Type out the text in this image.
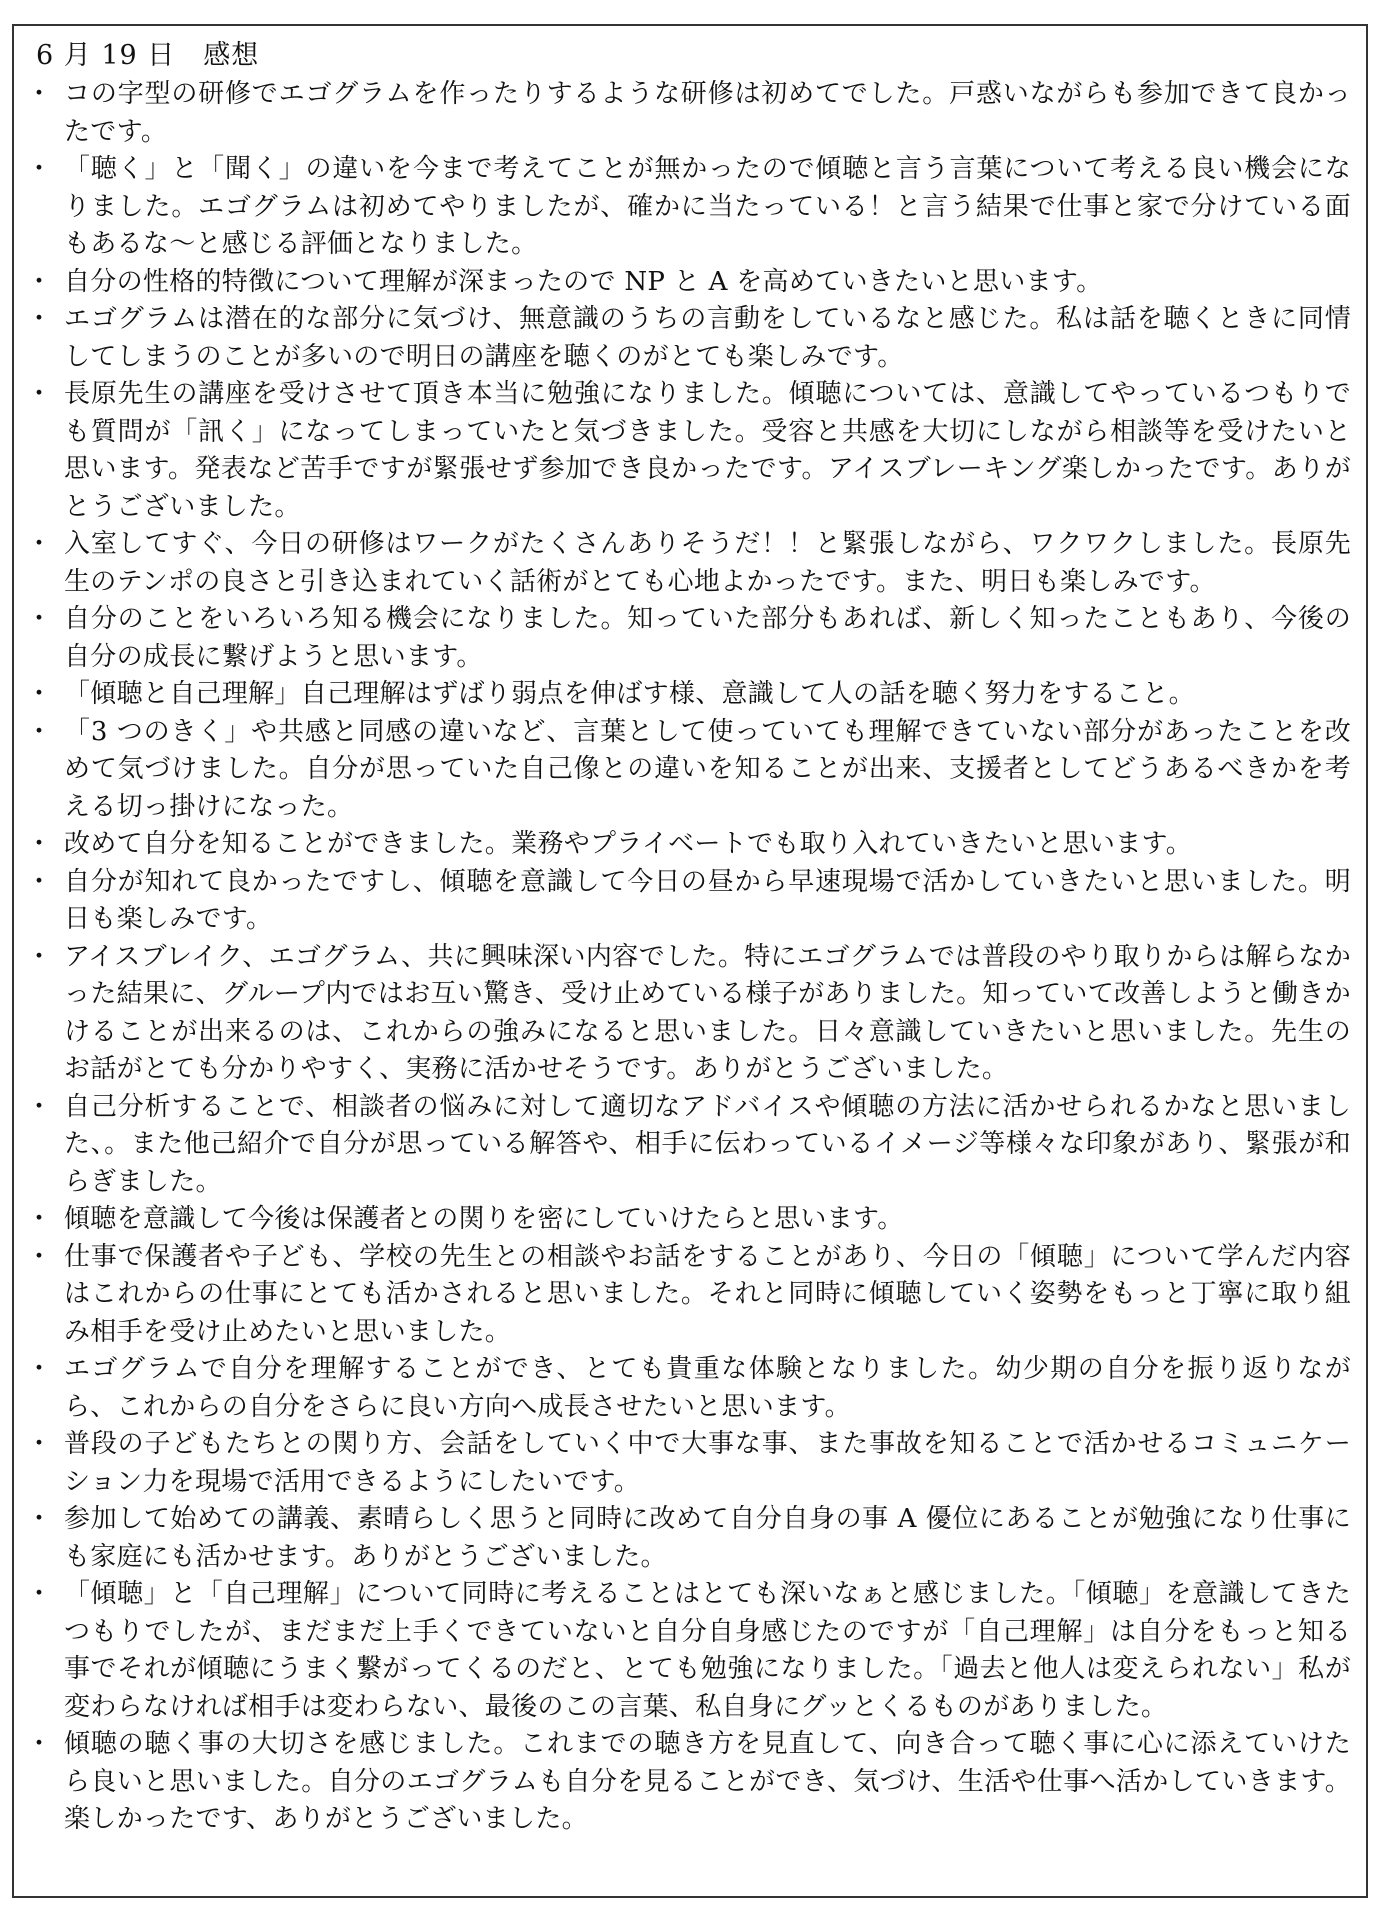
6 月 19 日　感想
・ コの字型の研修でエゴグラムを作ったりするような研修は初めてでした。戸惑いながらも参加できて良かったです。
・ 「聴く」と「聞く」の違いを今まで考えてことが無かったので傾聴と言う言葉について考える良い機会になりました。エゴグラムは初めてやりましたが、確かに当たっている！と言う結果で仕事と家で分けている面もあるな～と感じる評価となりました。
・ 自分の性格的特徴について理解が深まったので NP と A を高めていきたいと思います。
・ エゴグラムは潜在的な部分に気づけ、無意識のうちの言動をしているなと感じた。私は話を聴くときに同情してしまうのことが多いので明日の講座を聴くのがとても楽しみです。
・ 長原先生の講座を受けさせて頂き本当に勉強になりました。傾聴については、意識してやっているつもりでも質問が「訊く」になってしまっていたと気づきました。受容と共感を大切にしながら相談等を受けたいと思います。発表など苦手ですが緊張せず参加でき良かったです。アイスブレーキング楽しかったです。ありがとうございました。
・ 入室してすぐ、今日の研修はワークがたくさんありそうだ！！と緊張しながら、ワクワクしました。長原先生のテンポの良さと引き込まれていく話術がとても心地よかったです。また、明日も楽しみです。
・ 自分のことをいろいろ知る機会になりました。知っていた部分もあれば、新しく知ったこともあり、今後の自分の成長に繋げようと思います。
・ 「傾聴と自己理解」自己理解はずばり弱点を伸ばす様、意識して人の話を聴く努力をすること。
・ 「3 つのきく」や共感と同感の違いなど、言葉として使っていても理解できていない部分があったことを改めて気づけました。自分が思っていた自己像との違いを知ることが出来、支援者としてどうあるべきかを考える切っ掛けになった。
・ 改めて自分を知ることができました。業務やプライベートでも取り入れていきたいと思います。
・ 自分が知れて良かったですし、傾聴を意識して今日の昼から早速現場で活かしていきたいと思いました。明日も楽しみです。
・ アイスブレイク、エゴグラム、共に興味深い内容でした。特にエゴグラムでは普段のやり取りからは解らなかった結果に、グループ内ではお互い驚き、受け止めている様子がありました。知っていて改善しようと働きかけることが出来るのは、これからの強みになると思いました。日々意識していきたいと思いました。先生のお話がとても分かりやすく、実務に活かせそうです。ありがとうございました。
・ 自己分析することで、相談者の悩みに対して適切なアドバイスや傾聴の方法に活かせられるかなと思いました、。また他己紹介で自分が思っている解答や、相手に伝わっているイメージ等様々な印象があり、緊張が和らぎました。
・ 傾聴を意識して今後は保護者との関りを密にしていけたらと思います。
・ 仕事で保護者や子ども、学校の先生との相談やお話をすることがあり、今日の「傾聴」について学んだ内容はこれからの仕事にとても活かされると思いました。それと同時に傾聴していく姿勢をもっと丁寧に取り組み相手を受け止めたいと思いました。
・ エゴグラムで自分を理解することができ、とても貴重な体験となりました。幼少期の自分を振り返りながら、これからの自分をさらに良い方向へ成長させたいと思います。
・ 普段の子どもたちとの関り方、会話をしていく中で大事な事、また事故を知ることで活かせるコミュニケーション力を現場で活用できるようにしたいです。
・ 参加して始めての講義、素晴らしく思うと同時に改めて自分自身の事 A 優位にあることが勉強になり仕事にも家庭にも活かせます。ありがとうございました。
・ 「傾聴」と「自己理解」について同時に考えることはとても深いなぁと感じました。「傾聴」を意識してきたつもりでしたが、まだまだ上手くできていないと自分自身感じたのですが「自己理解」は自分をもっと知る事でそれが傾聴にうまく繋がってくるのだと、とても勉強になりました。「過去と他人は変えられない」私が変わらなければ相手は変わらない、最後のこの言葉、私自身にグッとくるものがありました。
・ 傾聴の聴く事の大切さを感じました。これまでの聴き方を見直して、向き合って聴く事に心に添えていけたら良いと思いました。自分のエゴグラムも自分を見ることができ、気づけ、生活や仕事へ活かしていきます。楽しかったです、ありがとうございました。
